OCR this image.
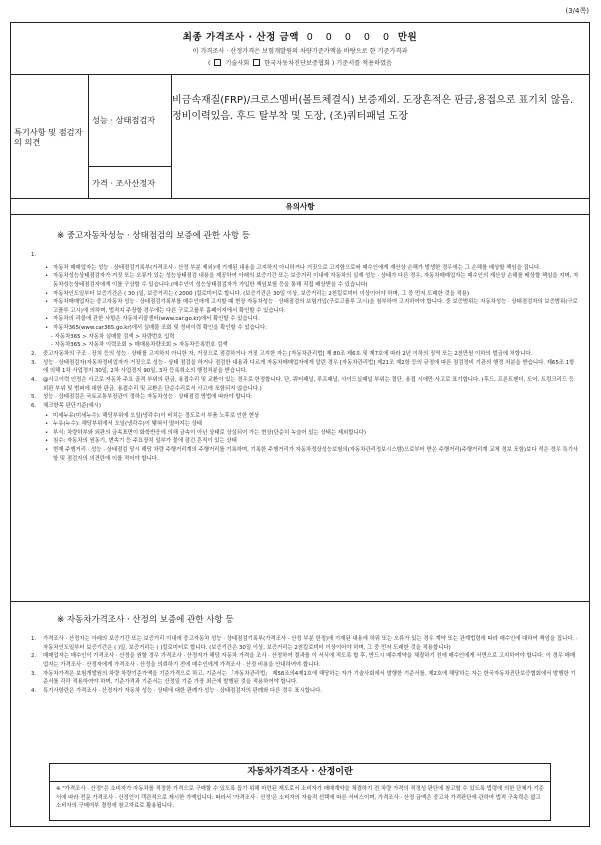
(3/4쪽)
최종 가격조사 · 산정 금액 0 0 0 0 0 만원
이 가격조사 · 산정가격은 보험개발원의 차량기준가액을 바탕으로 한 기준가격과
( 기술사회 한국자동차진단보증협회 ) 기준서를 적용하였음
특기사항 및 점검자의 의견
성능 · 상태점검자
비금속재질(FRP)/크로스멤버(볼트체결식) 보증제외. 도장흔적은 판금,용접으로 표기치 않음. 정비이력있음. 후드 탈부착 및 도장, (조)쿼터패널 도장
가격 · 조사산정자
유의사항
※ 중고자동차성능 · 상태점검의 보증에 관한 사항 등
1.
• 자동차 매매업자는 성능 · 상태점검기록부(가격조사 · 산정 부분 제외)에 기재된 내용을 고지하지 아니하거나 거짓으로 고지함으로써 매수인에게 재산상 손해가 발생한 경우에는 그 손해를 배상할 책임을 집니다.
• 자동차성능상태점검자가 거짓 또는 오류가 있는 성능상태점검 내용을 제공하여 아래의 보증기간 또는 보증거리 이내에 자동차의 실제 성능 · 상태가 다른 경우, 자동차매매업자는 매수인의 재산상 손해를 배상할 책임을 지며, 자동차성능상태점검자에게 이를 구상할 수 있습니다.(매수인이 성능상태점검자가 가입한 책임보험 등을 통해 직접 배상받을 수 있습니다)
• 자동차인도일부터 보증기간은 ( 30 )일, 보증거리는 ( 2000 )킬로미터로 합니다. (보증기간은 30일 이상, 보증거리는 2천킬로미터 이상이어야 하며, 그 중 먼저 도래한 것을 적용)
• 자동차매매업자는 중고자동차 성능 · 상태점검기록부를 매수인에게 고지할 때 현장 자동차성능 · 상태점검의 보험가입(구로고플루 고시)을 첨부하여 고지하여야 합니다. 중 보증범위는 자동차성능 · 상태점검자의 보증범위(구로고플루 고시)에 의하며, 법적지 주장할 경우에는 다른 구로고플루 홈페이지에서 확인할 수 있습니다.
• 자동차의 리콜에 관한 사항은 자동차리콜센터(www.car.go.kr)에서 확인할 수 있습니다.
• 자동차365(www.car365.go.kr)에서 실매물 조회 및 정비이력 확인을 확인할 수 있습니다.
- 자동차365 > 자동차 실매물 검색 > 차량번호 입력
- 자동차365 > 자동차 이력조회 > 매매용차량조회 > 자동차등록번호 검색
2.	중고자동차의 구조 · 장치 등의 성능 · 상태를 고지하지 아니한 자, 거짓으로 점검하거나 거짓 고지한 자는 [자동차관리법] 제 80조 제6호 및 제7호에 따라 2년 이하의 징역 또는 2천만원 이하의 벌금에 처합니다.
3.	성능 · 상태점검자(자동차정비업자가 거짓으로 성능 · 상태 점검을 하거나 점검한 내용과 다르게 자동차매매업자에게 알린 경우 [자동차관리법] 제21조 제2항 등의 규정에 따른 점검정비 기관의 행정 처분을 받습니다. 제65조 1항에 의해 1차 사업정지 30일, 2차 사업정지 90일, 3차 등록취소의 행정처분을 받습니다.
4.	@사고이력 인정은 사고로 자동차 주요 골격 부위의 판금, 용접수리 및 교환이 있는 경우로 한정합니다. 단, 쿼터패널, 루프패널, 사이드실패널 부위는 절단, 용접 시에만 사고로 표기합니다. (후드, 프론트펜더, 도어, 트렁크리드 등 외판 부위 및 범퍼에 대한 판금, 용접수리 및 교환은 단순수리로서 사고에 포함되지 않습니다.)
5.	성능 · 상태점검은 국토교통부장관이 정하는 자동차성능 · 상태점검 방법에 따라야 합니다.
6.	체크항목 판단기준(예시)
• 미세누유(미세누수): 해당부위에 오일(냉각수)이 비치는 정도로서 부품 노후로 인한 현상
• 누유(누수): 해당부위에서 오일(냉각수)이 맺혀서 떨어지는 상태
• 부식: 차량하부와 외판의 금속표면이 화학반응에 의해 금속이 아닌 상태로 상실되어 가는 현상(단순히 녹슬어 있는 상태는 제외합니다)
• 침수: 자동차의 원동기, 변속기 등 주요장치 일부가 물에 잠긴 흔적이 있는 상태
• 현재 주행거리 · 성능 · 상태점검 당시 해당 차량 주행거리계의 주행거리를 기록하며, 기록한 주행거리가 자동차정상성능보험의(자동차관리정보시스템)으로부터 받은 주행거리(주행거리계 교체 정보 포함)보다 적은 경우 특기사항 및 점검자의 의견란에 이를 적어야 합니다.
※ 자동차가격조사 · 산정의 보증에 관한 사항 등
1.	가격조사 · 산정자는 아래의 보증기간 또는 보증거리 이내에 중고자동차 성능 · 상태점검기록부(가격조사 · 산정 부분 한정)에 기재된 내용에 허위 또는 오류가 있는 경우 계약 또는 관계법령에 따라 매수인에 대하여 책임을 집니다. · 자동차인도일부터 보증기간은 ( )일, 보증거리는 ( )킬로미터로 합니다. (보증기간은 30일 이상, 보증거리는 2천킬로미터 이상이어야 하며, 그 중 먼저 도래한 것을 적용합니다)
2.	매매업자는 매수인이 가격조사 · 산정을 원할 경우 가격조사 · 산정자가 해당 자동차 가격을 조사 · 산정하여 결과를 이 서식에 적도록 합 후, 반드시 매수계약을 체결하기 전에 매수인에게 서면으로 고지하여야 합니다. 이 경우 매매업자는 가격조사 · 산정자에게 가격조사 · 산정을 의뢰하기 전에 매수인에게 가격조사 · 산정 비용을 안내하여야 합니다.
3.	자동차가격은 보험개발원의 차량 차량기준가액을 기준가격으로 하고, 기준서는 「자동차관리법」 제58조의4제1호에 해당하는 자가 기술사회에서 발행한 기준서를, 제2호에 해당하는 자는 한국자동차진단보증협회에서 발행한 기준서를 각각 적용하여야 하며, 기준가격과 기준서는 산정일 기준 가장 최근에 발행된 것을 적용하여야 합니다.
4.	특기사항란은 가격조사 · 산정자가 자동차 성능 · 상태에 대한 판례가 성능 · 상태점검자의 판례와 다른 경우 표시합니다.
자동차가격조사 · 산정이란
※ "가격조사 · 산정"은 소비자가 자동차를 적정한 가격으로 구매할 수 있도록 돕기 위해 마련된 제도로서 소비자가 매매계약을 체결하기 전 차량 가격의 적정성 판단에 참고할 수 있도록 법령에 의한 단체가 기준서에 따라 전문 가격조사 · 산정인이 객관적으로 제시한 가액입니다. 따라서 '가격조사 · 산정'은 소비자의 자율적 선택에 따른 서비스이며, 가격조사 · 산정 금액은 중고차 가격판단에 관하여 법적 구속력은 없고 소비자의 구매여부 결정에 참고자료로 활용됩니다.
